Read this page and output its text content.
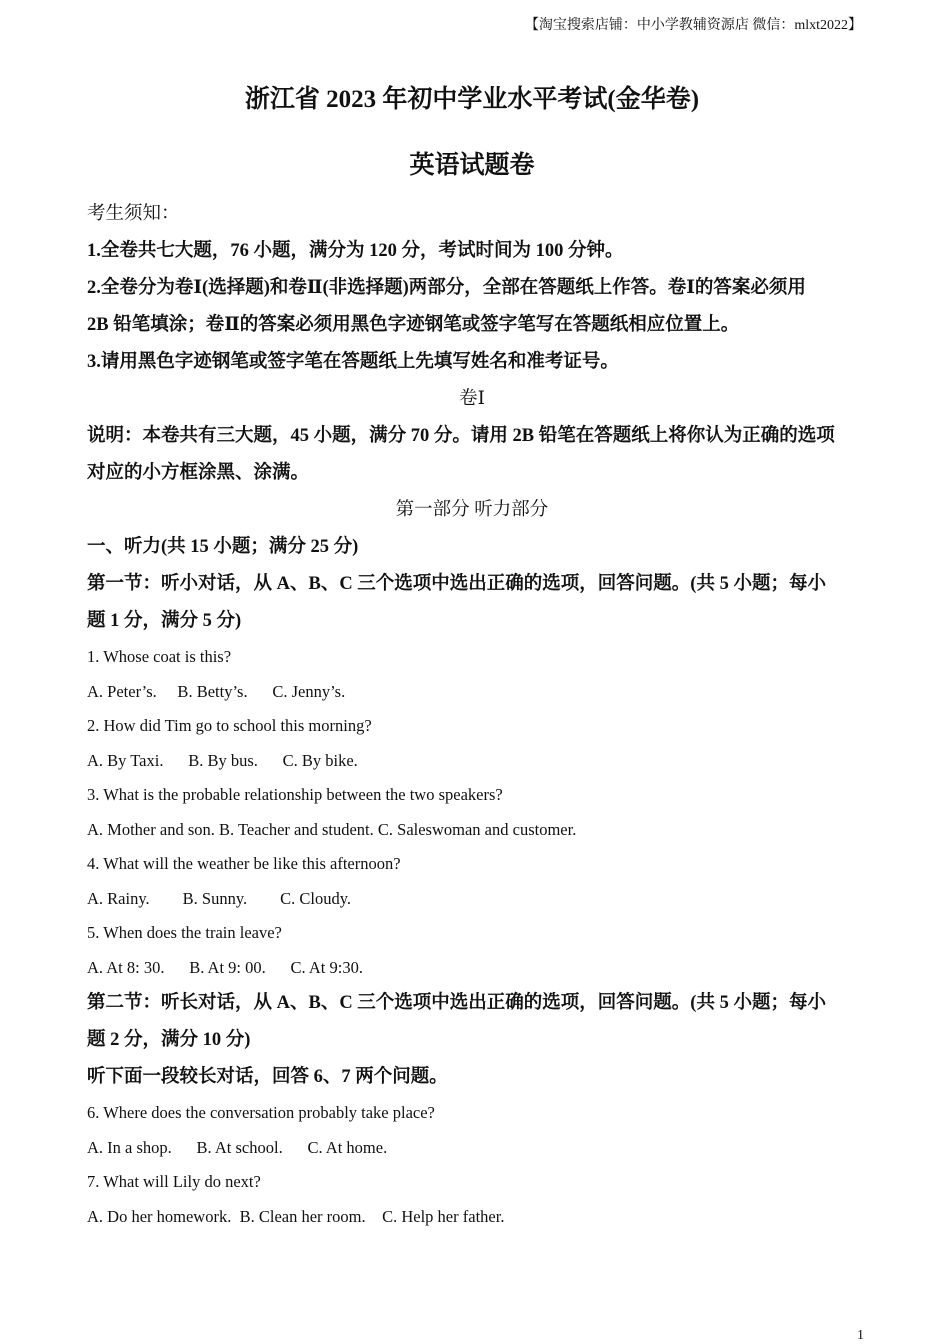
【淘宝搜索店铺：中小学教辅资源店 微信：mlxt2022】
浙江省 2023 年初中学业水平考试(金华卷)
英语试题卷
考生须知：
1.全卷共七大题，76 小题，满分为 120 分，考试时间为 100 分钟。
2.全卷分为卷Ⅰ(选择题)和卷Ⅱ(非选择题)两部分，全部在答题纸上作答。卷Ⅰ的答案必须用
2B 铅笔填涂；卷Ⅱ的答案必须用黑色字迹钢笔或签字笔写在答题纸相应位置上。
3.请用黑色字迹钢笔或签字笔在答题纸上先填写姓名和准考证号。
卷Ⅰ
说明：本卷共有三大题，45 小题，满分 70 分。请用 2B 铅笔在答题纸上将你认为正确的选项
对应的小方框涂黑、涂满。
第一部分 听力部分
一、听力(共 15 小题；满分 25 分)
第一节：听小对话，从 A、B、C 三个选项中选出正确的选项，回答问题。(共 5 小题；每小
题 1 分，满分 5 分)
1. Whose coat is this?
A. Peter’s.     B. Betty’s.      C. Jenny’s.
2. How did Tim go to school this morning?
A. By Taxi.      B. By bus.      C. By bike.
3. What is the probable relationship between the two speakers?
A. Mother and son. B. Teacher and student. C. Saleswoman and customer.
4. What will the weather be like this afternoon?
A. Rainy.        B. Sunny.        C. Cloudy.
5. When does the train leave?
A. At 8: 30.      B. At 9: 00.      C. At 9:30.
第二节：听长对话，从 A、B、C 三个选项中选出正确的选项，回答问题。(共 5 小题；每小
题 2 分，满分 10 分)
听下面一段较长对话，回答 6、7 两个问题。
6. Where does the conversation probably take place?
A. In a shop.      B. At school.      C. At home.
7. What will Lily do next?
A. Do her homework.  B. Clean her room.    C. Help her father.
1
